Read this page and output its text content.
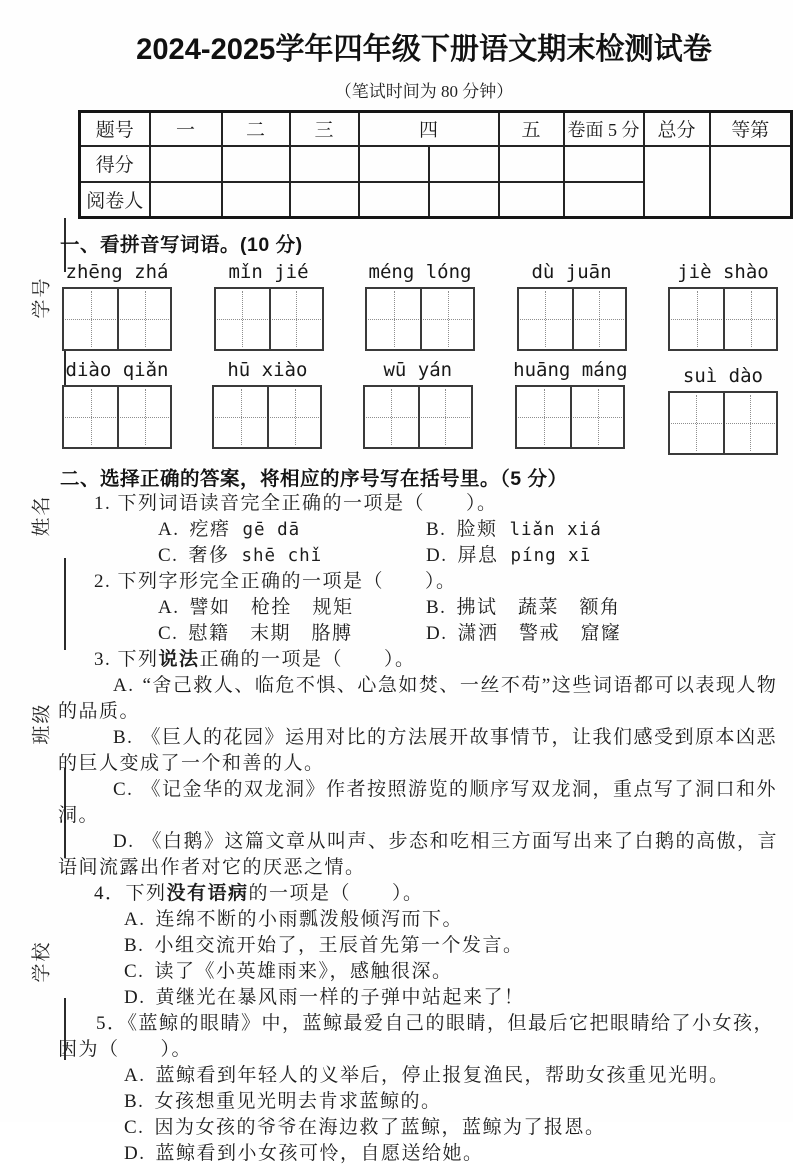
学号
姓名
班级
学校
2024-2025学年四年级下册语文期末检测试卷
（笔试时间为 80 分钟）
题号	一	二	三	四		五	卷面 5 分	总分	等第
得分									
阅卷人									
一、看拼音写词语。(10 分)
zhēng zhá	mǐn jié	méng lóng	dù juān	jiè shào
diào qiǎn	hū xiào	wū yán	huāng máng	suì dào
二、选择正确的答案，将相应的序号写在括号里。（5 分）

1. 下列词语读音完全正确的一项是（　　）。

A. 疙瘩 gē dā	B. 脸颊 liǎn xiá
C. 奢侈 shē chǐ	D. 屏息 píng xī

2. 下列字形完全正确的一项是（　　）。

A. 譬如　枪拴　规矩	B. 拂试　蔬菜　额角
C. 慰籍　末期　胳膊	D. 潇洒　警戒　窟窿

3. 下列说法正确的一项是（　　）。

A. “舍己救人、临危不惧、心急如焚、一丝不苟”这些词语都可以表现人物的品质。

B. 《巨人的花园》运用对比的方法展开故事情节，让我们感受到原本凶恶的巨人变成了一个和善的人。

C. 《记金华的双龙洞》作者按照游览的顺序写双龙洞，重点写了洞口和外洞。

D. 《白鹅》这篇文章从叫声、步态和吃相三方面写出来了白鹅的高傲，言语间流露出作者对它的厌恶之情。

4．下列没有语病的一项是（　　）。

A. 连绵不断的小雨瓢泼般倾泻而下。

B. 小组交流开始了，王辰首先第一个发言。

C. 读了《小英雄雨来》，感触很深。

D. 黄继光在暴风雨一样的子弹中站起来了！

5．《蓝鲸的眼睛》中，蓝鲸最爱自己的眼睛，但最后它把眼睛给了小女孩，因为（　　）。

A. 蓝鲸看到年轻人的义举后，停止报复渔民，帮助女孩重见光明。

B. 女孩想重见光明去肯求蓝鲸的。

C. 因为女孩的爷爷在海边救了蓝鲸，蓝鲸为了报恩。

D. 蓝鲸看到小女孩可怜，自愿送给她。
